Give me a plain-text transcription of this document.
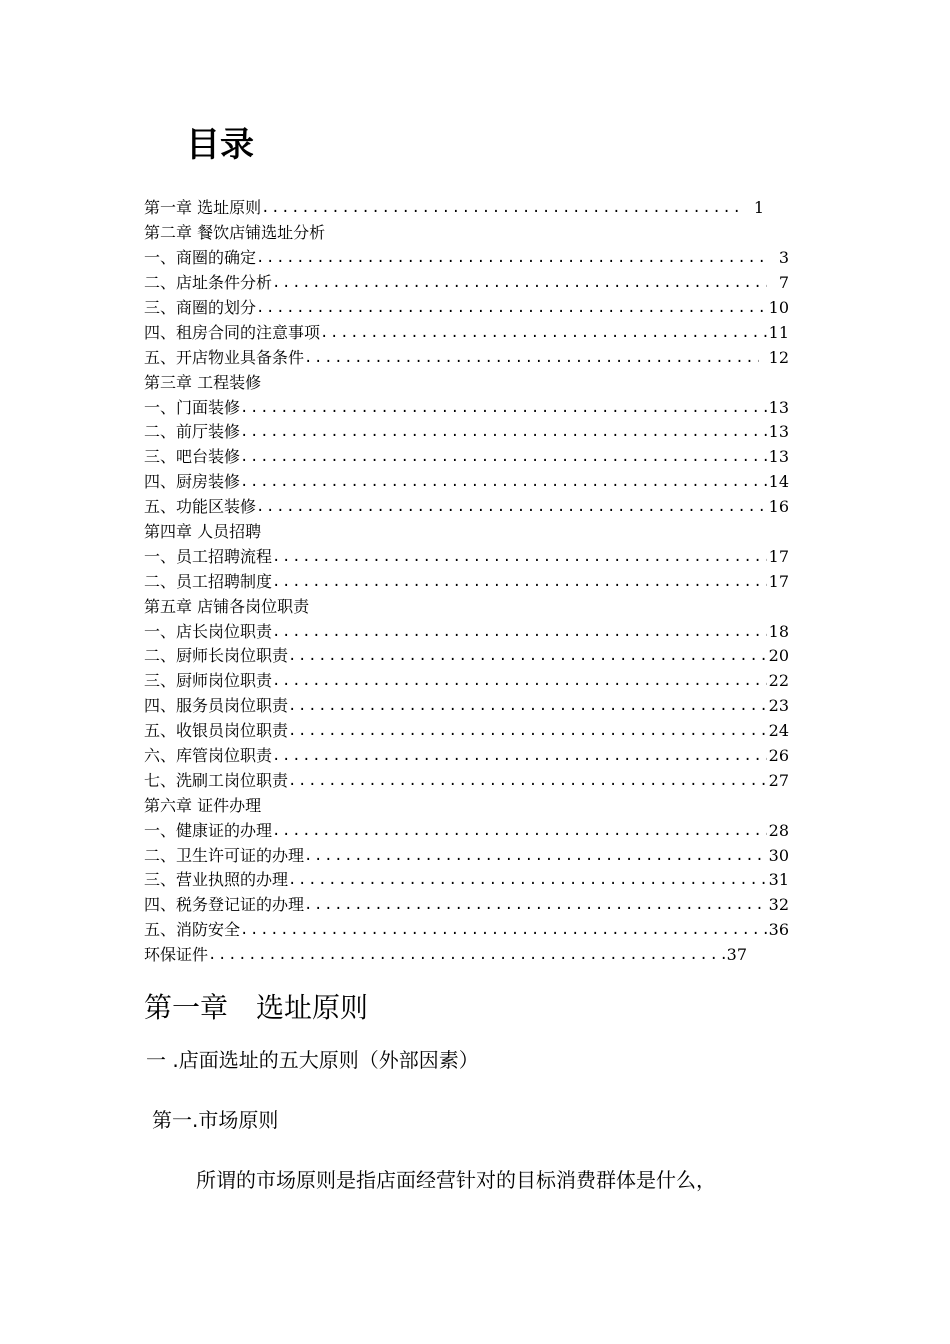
目录
第一章 选址原则 .....	1
第二章 餐饮店铺选址分析
一、商圈的确定 .....	3
二、店址条件分析 .....	7
三、商圈的划分 .....	10
四、租房合同的注意事项 .....	11
五、开店物业具备条件 .....	12
第三章 工程装修
一、门面装修 .....	13
二、前厅装修 .....	13
三、吧台装修 .....	13
四、厨房装修 .....	14
五、功能区装修 .....	16
第四章 人员招聘
一、员工招聘流程 .....	17
二、员工招聘制度 .....	17
第五章 店铺各岗位职责
一、店长岗位职责 .....	18
二、厨师长岗位职责 .....	20
三、厨师岗位职责 .....	22
四、服务员岗位职责 .....	23
五、收银员岗位职责 .....	24
六、库管岗位职责 .....	26
七、洗刷工岗位职责 .....	27
第六章 证件办理
一、健康证的办理 .....	28
二、卫生许可证的办理 .....	30
三、营业执照的办理 .....	31
四、税务登记证的办理 .....	32
五、消防安全 .....	36
环保证件 .....	37
第一章 选址原则
一 .店面选址的五大原则（外部因素）
第一.市场原则

所谓的市场原则是指店面经营针对的目标消费群体是什么，
